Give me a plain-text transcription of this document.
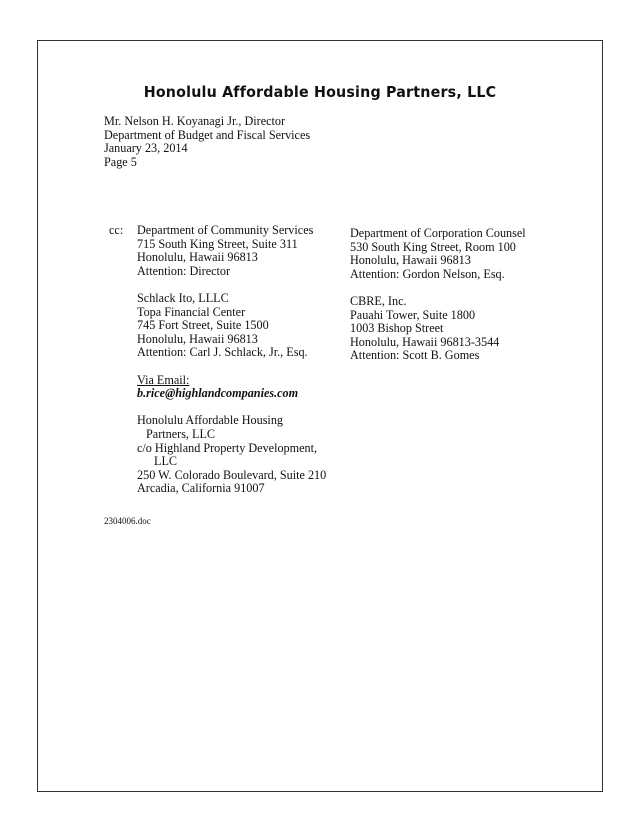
Honolulu Affordable Housing Partners, LLC
Mr. Nelson H. Koyanagi Jr., Director
Department of Budget and Fiscal Services
January 23, 2014
Page 5
cc: Department of Community Services
715 South King Street, Suite 311
Honolulu, Hawaii 96813
Attention: Director
Schlack Ito, LLLC
Topa Financial Center
745 Fort Street, Suite 1500
Honolulu, Hawaii 96813
Attention: Carl J. Schlack, Jr., Esq.
Via Email:
b.rice@highlandcompanies.com
Honolulu Affordable Housing
Partners, LLC
c/o Highland Property Development,
LLC
250 W. Colorado Boulevard, Suite 210
Arcadia, California 91007
Department of Corporation Counsel
530 South King Street, Room 100
Honolulu, Hawaii 96813
Attention: Gordon Nelson, Esq.
CBRE, Inc.
Pauahi Tower, Suite 1800
1003 Bishop Street
Honolulu, Hawaii 96813-3544
Attention: Scott B. Gomes
2304006.doc
